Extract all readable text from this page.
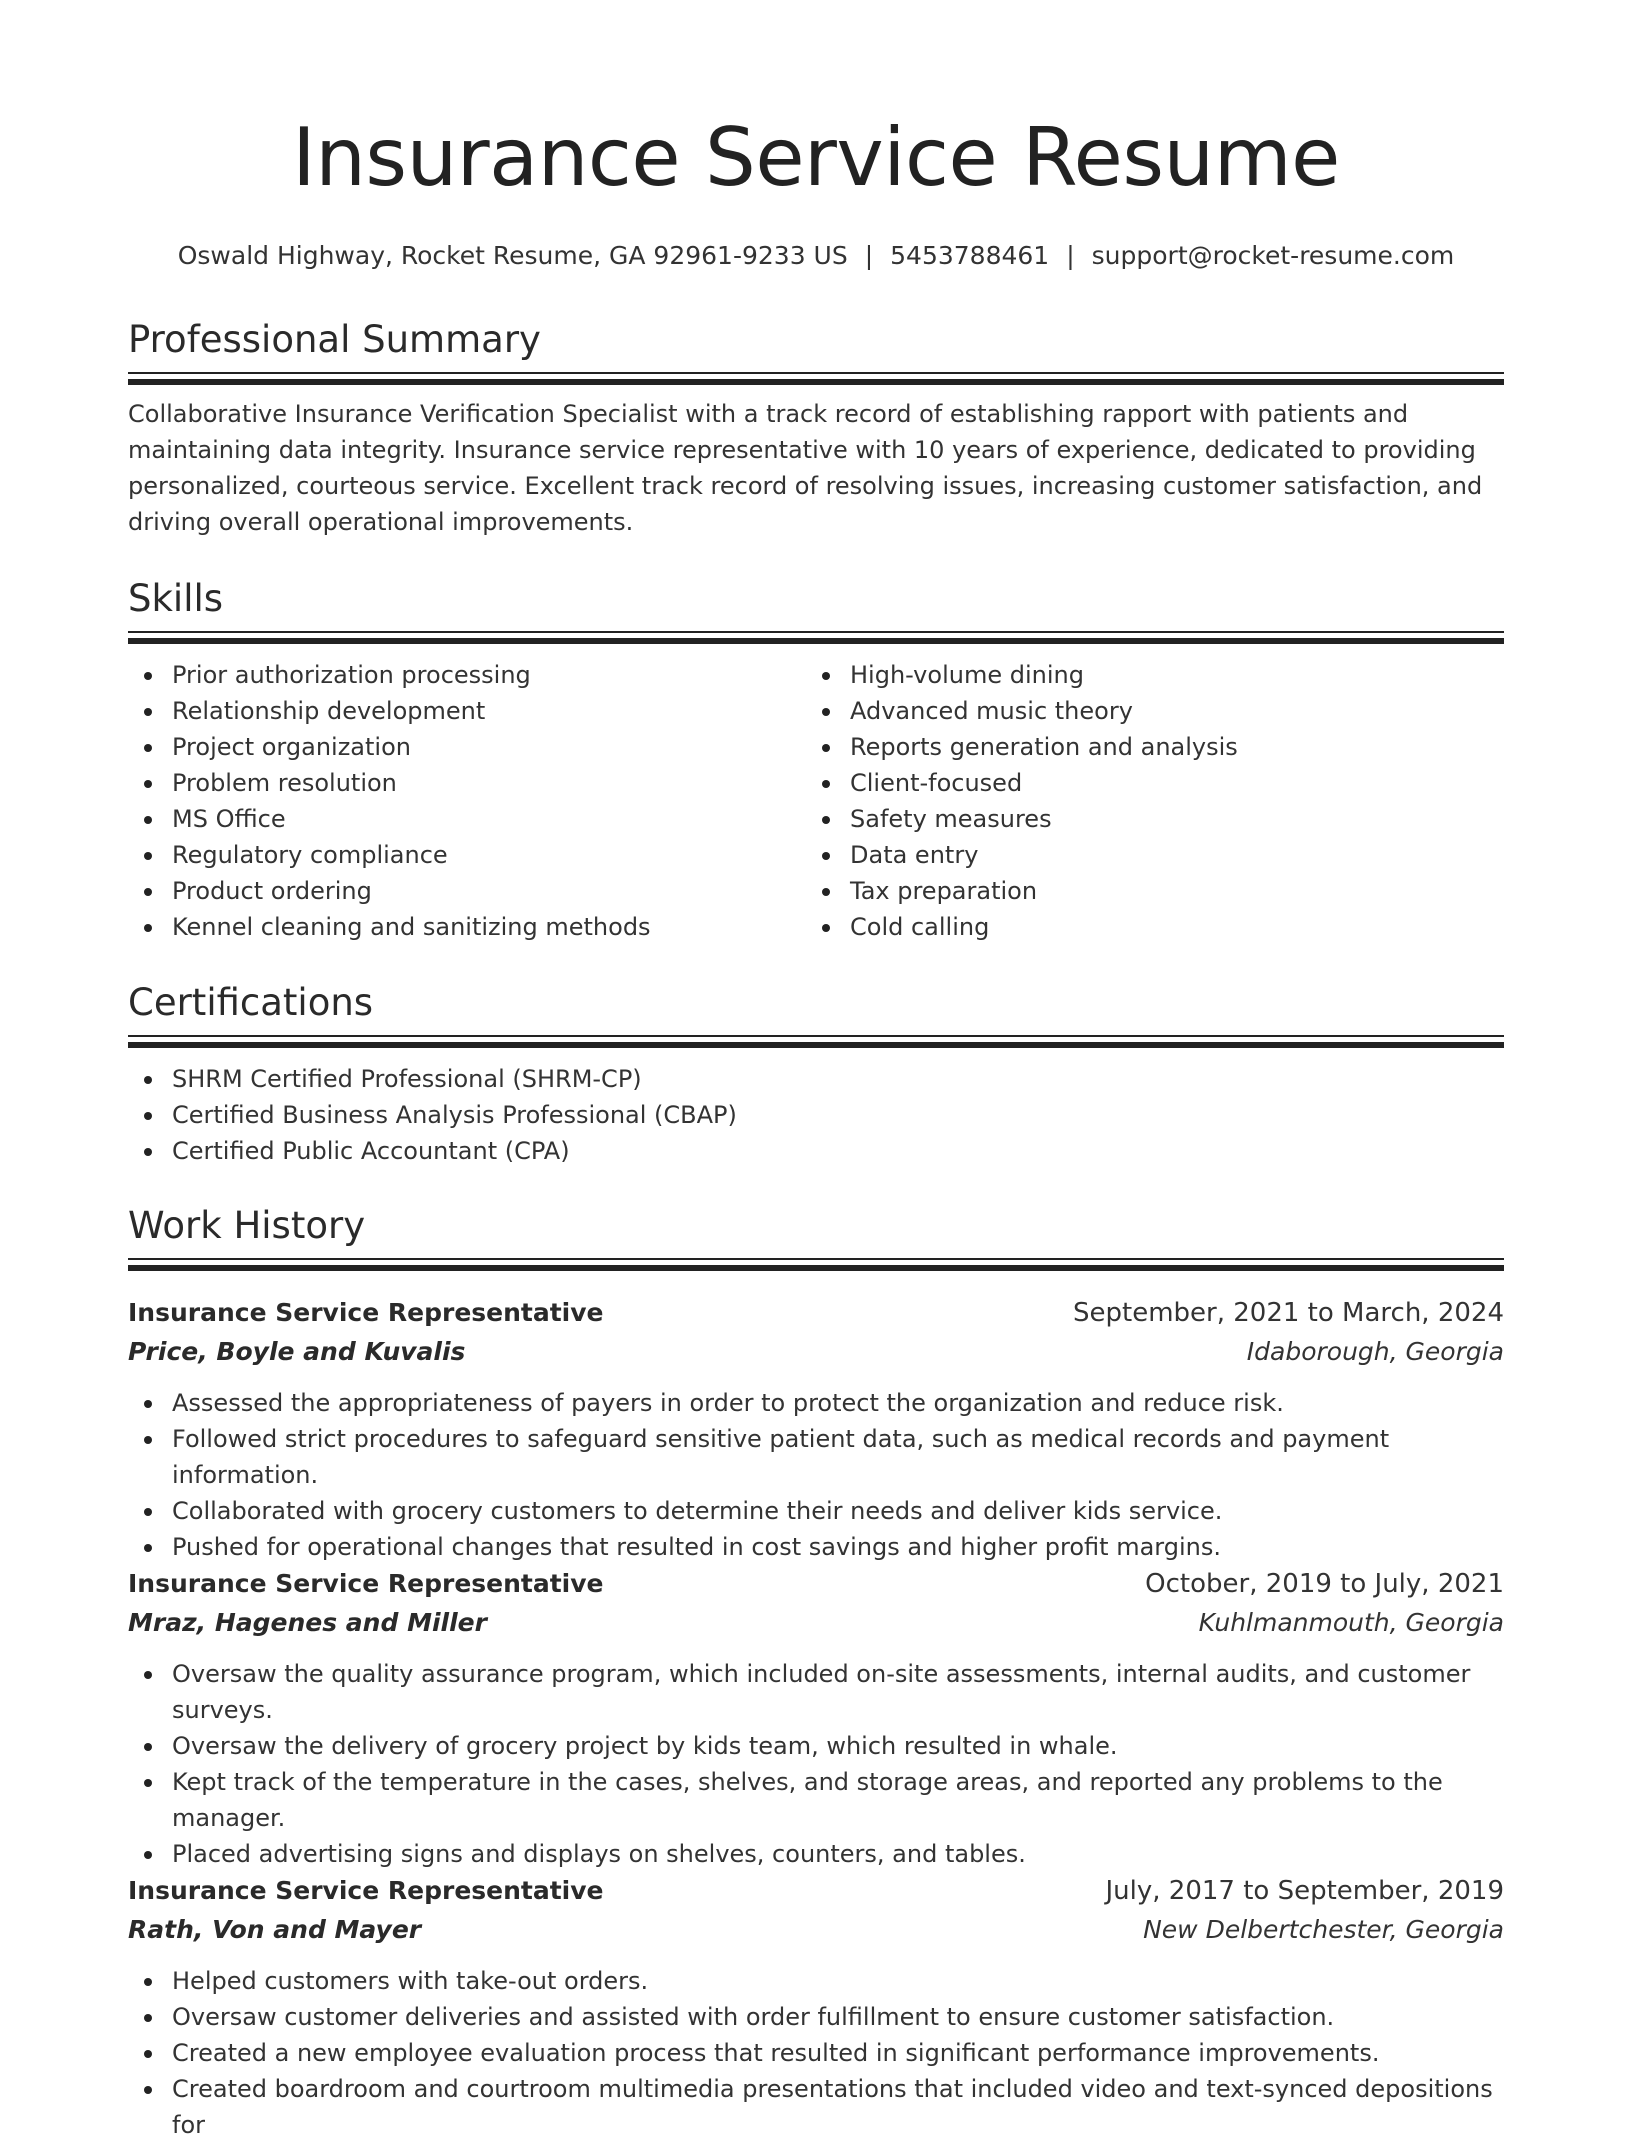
Insurance Service Resume
Oswald Highway, Rocket Resume, GA 92961-9233 US | 5453788461 | support@rocket-resume.com
Professional Summary

Collaborative Insurance Verification Specialist with a track record of establishing rapport with patients and maintaining data integrity. Insurance service representative with 10 years of experience, dedicated to providing personalized, courteous service. Excellent track record of resolving issues, increasing customer satisfaction, and driving overall operational improvements.

Skills
Prior authorization processing
Relationship development
Project organization
Problem resolution
MS Office
Regulatory compliance
Product ordering
Kennel cleaning and sanitizing methods
High-volume dining
Advanced music theory
Reports generation and analysis
Client-focused
Safety measures
Data entry
Tax preparation
Cold calling
Certifications
SHRM Certified Professional (SHRM-CP)
Certified Business Analysis Professional (CBAP)
Certified Public Accountant (CPA)
Work History
Insurance Service Representative	September, 2021 to March, 2024
Price, Boyle and Kuvalis	Idaborough, Georgia
Assessed the appropriateness of payers in order to protect the organization and reduce risk.
Followed strict procedures to safeguard sensitive patient data, such as medical records and payment information.
Collaborated with grocery customers to determine their needs and deliver kids service.
Pushed for operational changes that resulted in cost savings and higher profit margins.
Insurance Service Representative	October, 2019 to July, 2021
Mraz, Hagenes and Miller	Kuhlmanmouth, Georgia
Oversaw the quality assurance program, which included on-site assessments, internal audits, and customer surveys.
Oversaw the delivery of grocery project by kids team, which resulted in whale.
Kept track of the temperature in the cases, shelves, and storage areas, and reported any problems to the manager.
Placed advertising signs and displays on shelves, counters, and tables.
Insurance Service Representative	July, 2017 to September, 2019
Rath, Von and Mayer	New Delbertchester, Georgia
Helped customers with take-out orders.
Oversaw customer deliveries and assisted with order fulfillment to ensure customer satisfaction.
Created a new employee evaluation process that resulted in significant performance improvements.
Created boardroom and courtroom multimedia presentations that included video and text-synced depositions for
